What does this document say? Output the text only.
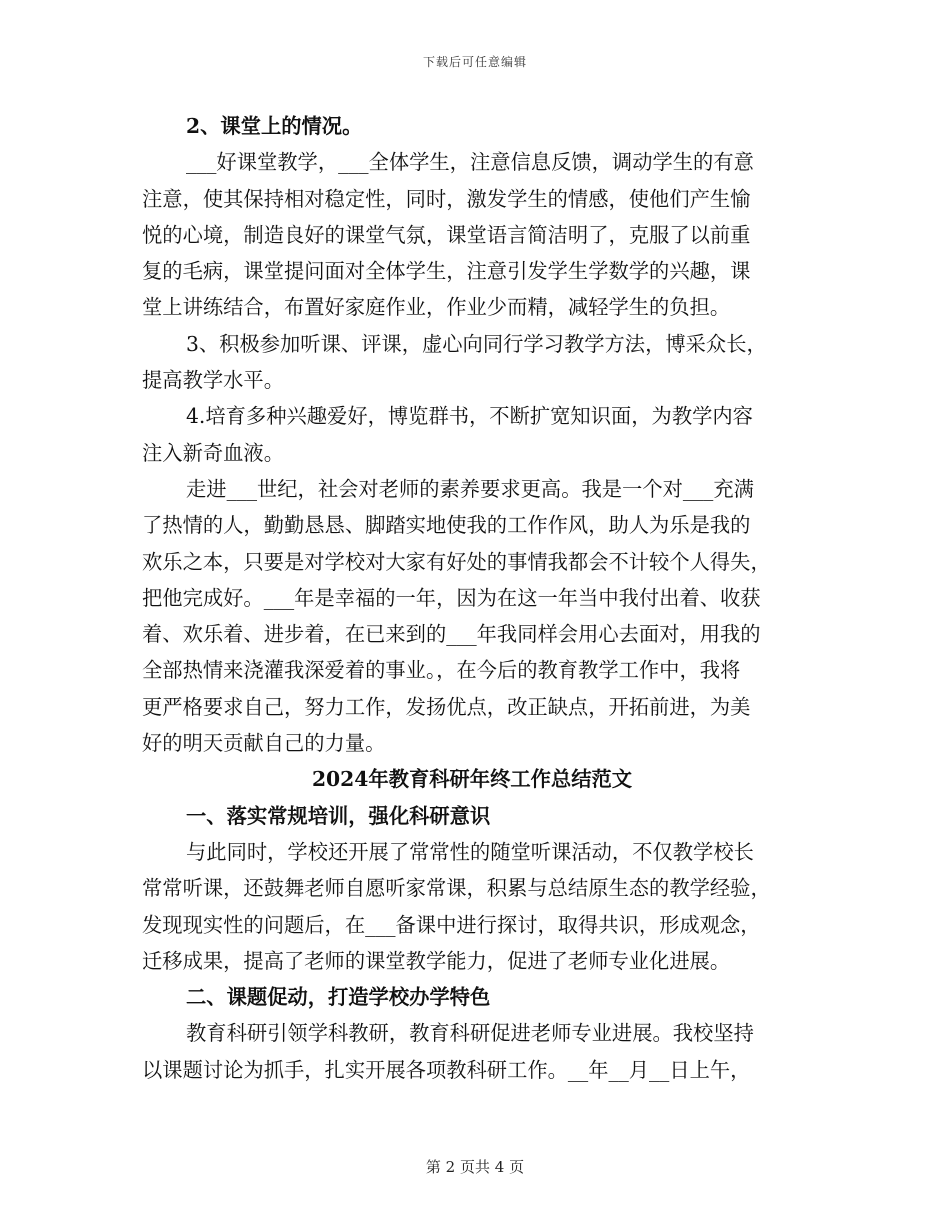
下载后可任意编辑
2、课堂上的情况。
___好课堂教学，___全体学生，注意信息反馈，调动学生的有意
注意，使其保持相对稳定性，同时，激发学生的情感，使他们产生愉
悦的心境，制造良好的课堂气氛，课堂语言简洁明了，克服了以前重
复的毛病，课堂提问面对全体学生，注意引发学生学数学的兴趣，课
堂上讲练结合，布置好家庭作业，作业少而精，减轻学生的负担。
3、积极参加听课、评课，虚心向同行学习教学方法，博采众长，
提高教学水平。
4.培育多种兴趣爱好，博览群书，不断扩宽知识面，为教学内容
注入新奇血液。
走进___世纪，社会对老师的素养要求更高。我是一个对___充满
了热情的人，勤勤恳恳、脚踏实地使我的工作作风，助人为乐是我的
欢乐之本，只要是对学校对大家有好处的事情我都会不计较个人得失，
把他完成好。___年是幸福的一年，因为在这一年当中我付出着、收获
着、欢乐着、进步着，在已来到的___年我同样会用心去面对，用我的
全部热情来浇灌我深爱着的事业。，在今后的教育教学工作中，我将
更严格要求自己，努力工作，发扬优点，改正缺点，开拓前进，为美
好的明天贡献自己的力量。
2024年教育科研年终工作总结范文
一、落实常规培训，强化科研意识
与此同时，学校还开展了常常性的随堂听课活动，不仅教学校长
常常听课，还鼓舞老师自愿听家常课，积累与总结原生态的教学经验，
发现现实性的问题后，在___备课中进行探讨，取得共识，形成观念，
迁移成果，提高了老师的课堂教学能力，促进了老师专业化进展。
二、课题促动，打造学校办学特色
教育科研引领学科教研，教育科研促进老师专业进展。我校坚持
以课题讨论为抓手，扎实开展各项教科研工作。__年__月__日上午，
第 2 页共 4 页
